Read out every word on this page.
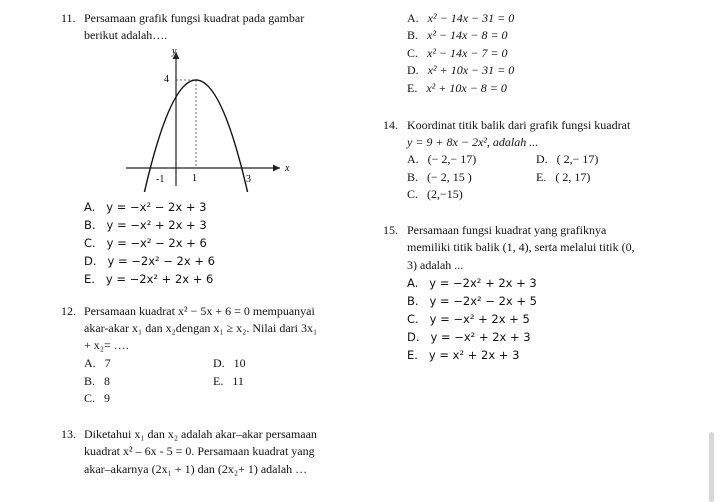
11. Persamaan grafik fungsi kuadrat pada gambar
berikut adalah….
y
x
4
-1	1	3
A. y = −x² − 2x + 3
B. y = −x² + 2x + 3
C. y = −x² − 2x + 6
D. y = −2x² − 2x + 6
E. y = −2x² + 2x + 6
12. Persamaan kuadrat x² − 5x + 6 = 0 mempuanyai
akar-akar x₁ dan x₂dengan x₁ ≥ x₂. Nilai dari 3x₁
+ x₂= ….
A. 7
B. 8
C. 9
D. 10
E. 11
13. Diketahui x₁ dan x₂ adalah akar–akar persamaan
kuadrat x² – 6x - 5 = 0. Persamaan kuadrat yang
akar–akarnya (2x₁ + 1) dan (2x₂+ 1) adalah …
A. x² − 14x − 31 = 0
B. x² − 14x − 8 = 0
C. x² − 14x − 7 = 0
D. x² + 10x − 31 = 0
E. x² + 10x − 8 = 0
14. Koordinat titik balik dari grafik fungsi kuadrat
y = 9 + 8x − 2x², adalah ...
A. (− 2,− 17)
B. (− 2, 15 )
C. (2,−15)
D. ( 2,− 17)
E. ( 2, 17)
15. Persamaan fungsi kuadrat yang grafiknya
memiliki titik balik (1, 4), serta melalui titik (0,
3) adalah ...
A. y = −2x² + 2x + 3
B. y = −2x² − 2x + 5
C. y = −x² + 2x + 5
D. y = −x² + 2x + 3
E. y = x² + 2x + 3
